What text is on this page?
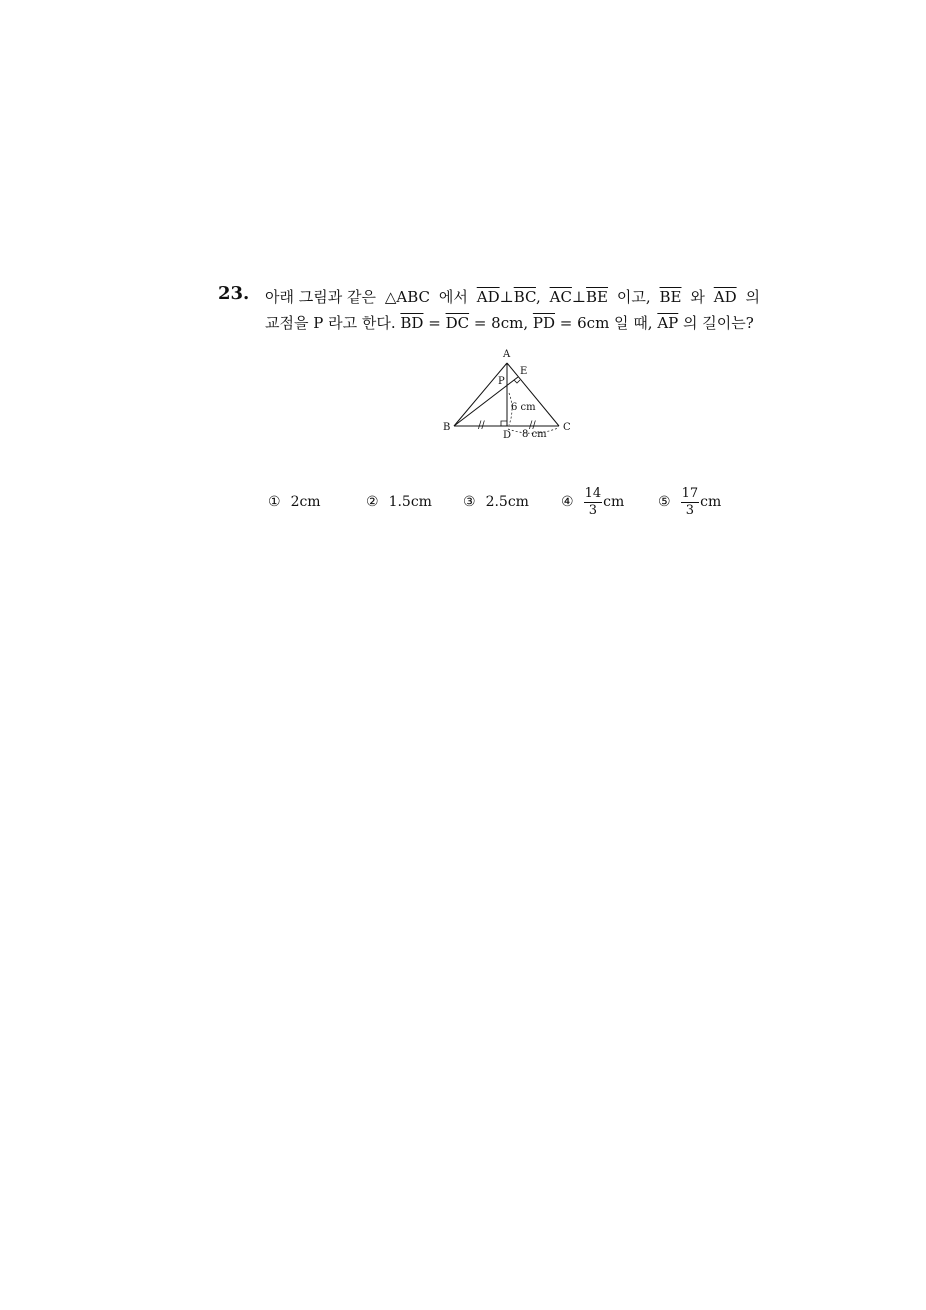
23. 아래 그림과 같은 △ABC 에서 $\overline{AD}\perp\overline{BC}$, $\overline{AC}\perp\overline{BE}$ 이고, $\overline{BE}$ 와 $\overline{AD}$ 의
교점을 P 라고 한다.
$\overline{BD} = \overline{DC} = 8cm$, $\overline{PD} = 6cm$ 일 때, $\overline{AP}$ 의 길이는?
//	//
A
B	C
D
E
P
6 cm
8 cm
① 2cm	② 1.5cm ③ 2.5cm ④ $\frac{14}{3}$ cm ⑤ $\frac{17}{3}$ cm
